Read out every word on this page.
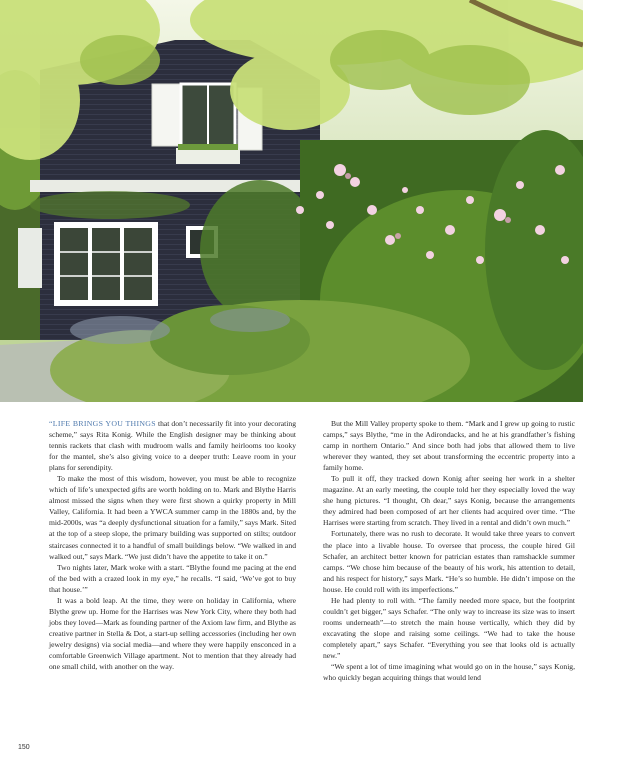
“LIFE BRINGS YOU THINGS that don’t necessarily fit into your decorating scheme,” says Rita Konig. While the English designer may be thinking about tennis rackets that clash with mudroom walls and family heirlooms too kooky for the mantel, she’s also giving voice to a deeper truth: Leave room in your plans for serendipity.

To make the most of this wisdom, however, you must be able to recognize which of life’s unexpected gifts are worth holding on to. Mark and Blythe Harris almost missed the signs when they were first shown a quirky property in Mill Valley, California. It had been a YWCA summer camp in the 1880s and, by the mid-2000s, was “a deeply dysfunctional situation for a family,” says Mark. Sited at the top of a steep slope, the primary building was supported on stilts; outdoor staircases connected it to a handful of small buildings below. “We walked in and walked out,” says Mark. “We just didn’t have the appetite to take it on.”

Two nights later, Mark woke with a start. “Blythe found me pacing at the end of the bed with a crazed look in my eye,” he recalls. “I said, ‘We’ve got to buy that house.’”

It was a bold leap. At the time, they were on holiday in California, where Blythe grew up. Home for the Harrises was New York City, where they both had jobs they loved—Mark as founding partner of the Axiom law firm, and Blythe as creative partner in Stella & Dot, a start-up selling accessories (including her own jewelry designs) via social media—and where they were happily ensconced in a comfortable Greenwich Village apartment. Not to mention that they already had one small child, with another on the way.

But the Mill Valley property spoke to them. “Mark and I grew up going to rustic camps,” says Blythe, “me in the Adirondacks, and he at his grandfather’s fishing camp in northern Ontario.” And since both had jobs that allowed them to live wherever they wanted, they set about transforming the eccentric property into a family home.

To pull it off, they tracked down Konig after seeing her work in a shelter magazine. At an early meeting, the couple told her they especially loved the way she hung pictures. “I thought, Oh dear,” says Konig, because the arrangements they admired had been composed of art her clients had acquired over time. “The Harrises were starting from scratch. They lived in a rental and didn’t own much.”

Fortunately, there was no rush to decorate. It would take three years to convert the place into a livable house. To oversee that process, the couple hired Gil Schafer, an architect better known for patrician estates than ramshackle summer camps. “We chose him because of the beauty of his work, his attention to detail, and his respect for history,” says Mark. “He’s so humble. He didn’t impose on the house. He could roll with its imperfections.”

He had plenty to roll with. “The family needed more space, but the footprint couldn’t get bigger,” says Schafer. “The only way to increase its size was to insert rooms underneath”—to stretch the main house vertically, which they did by excavating the slope and raising some ceilings. “We had to take the house completely apart,” says Schafer. “Everything you see that looks old is actually new.”

“We spent a lot of time imagining what would go on in the house,” says Konig, who quickly began acquiring things that would lend

150
